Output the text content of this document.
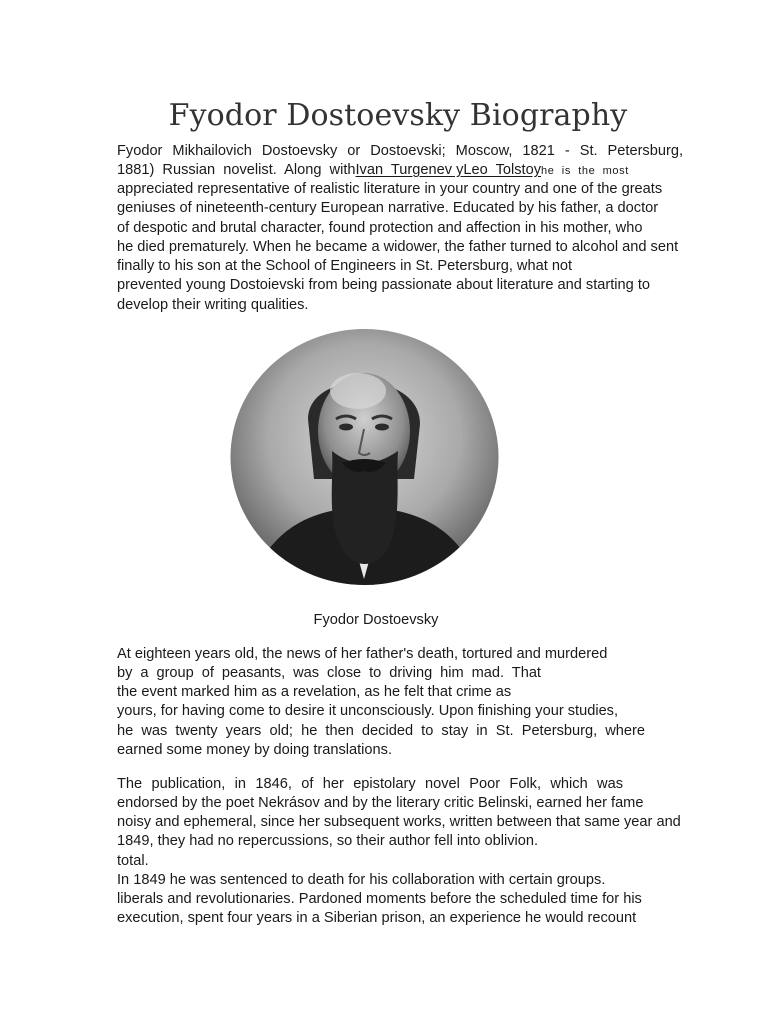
Fyodor Dostoevsky Biography
Fyodor Mikhailovich Dostoevsky or Dostoevski; Moscow, 1821 - St. Petersburg,
1881)  Russian  novelist.  Along  withIvan  Turgenev yLeo  Tolstoyhe  is  the  most
appreciated representative of realistic literature in your country and one of the greats
geniuses of nineteenth-century European narrative. Educated by his father, a doctor
of despotic and brutal character, found protection and affection in his mother, who
he died prematurely. When he became a widower, the father turned to alcohol and sent
finally to his son at the School of Engineers in St. Petersburg, what not
prevented young Dostoievski from being passionate about literature and starting to
develop their writing qualities.
Fyodor Dostoevsky
At eighteen years old, the news of her father's death, tortured and murdered
by a group of peasants, was close to driving him mad. That
the event marked him as a revelation, as he felt that crime as
yours, for having come to desire it unconsciously. Upon finishing your studies,
he was twenty years old; he then decided to stay in St. Petersburg, where
earned some money by doing translations.
The publication, in 1846, of her epistolary novel Poor Folk, which was
endorsed by the poet Nekrásov and by the literary critic Belinski, earned her fame
noisy and ephemeral, since her subsequent works, written between that same year and
1849, they had no repercussions, so their author fell into oblivion.
total.
In 1849 he was sentenced to death for his collaboration with certain groups.
liberals and revolutionaries. Pardoned moments before the scheduled time for his
execution, spent four years in a Siberian prison, an experience he would recount
